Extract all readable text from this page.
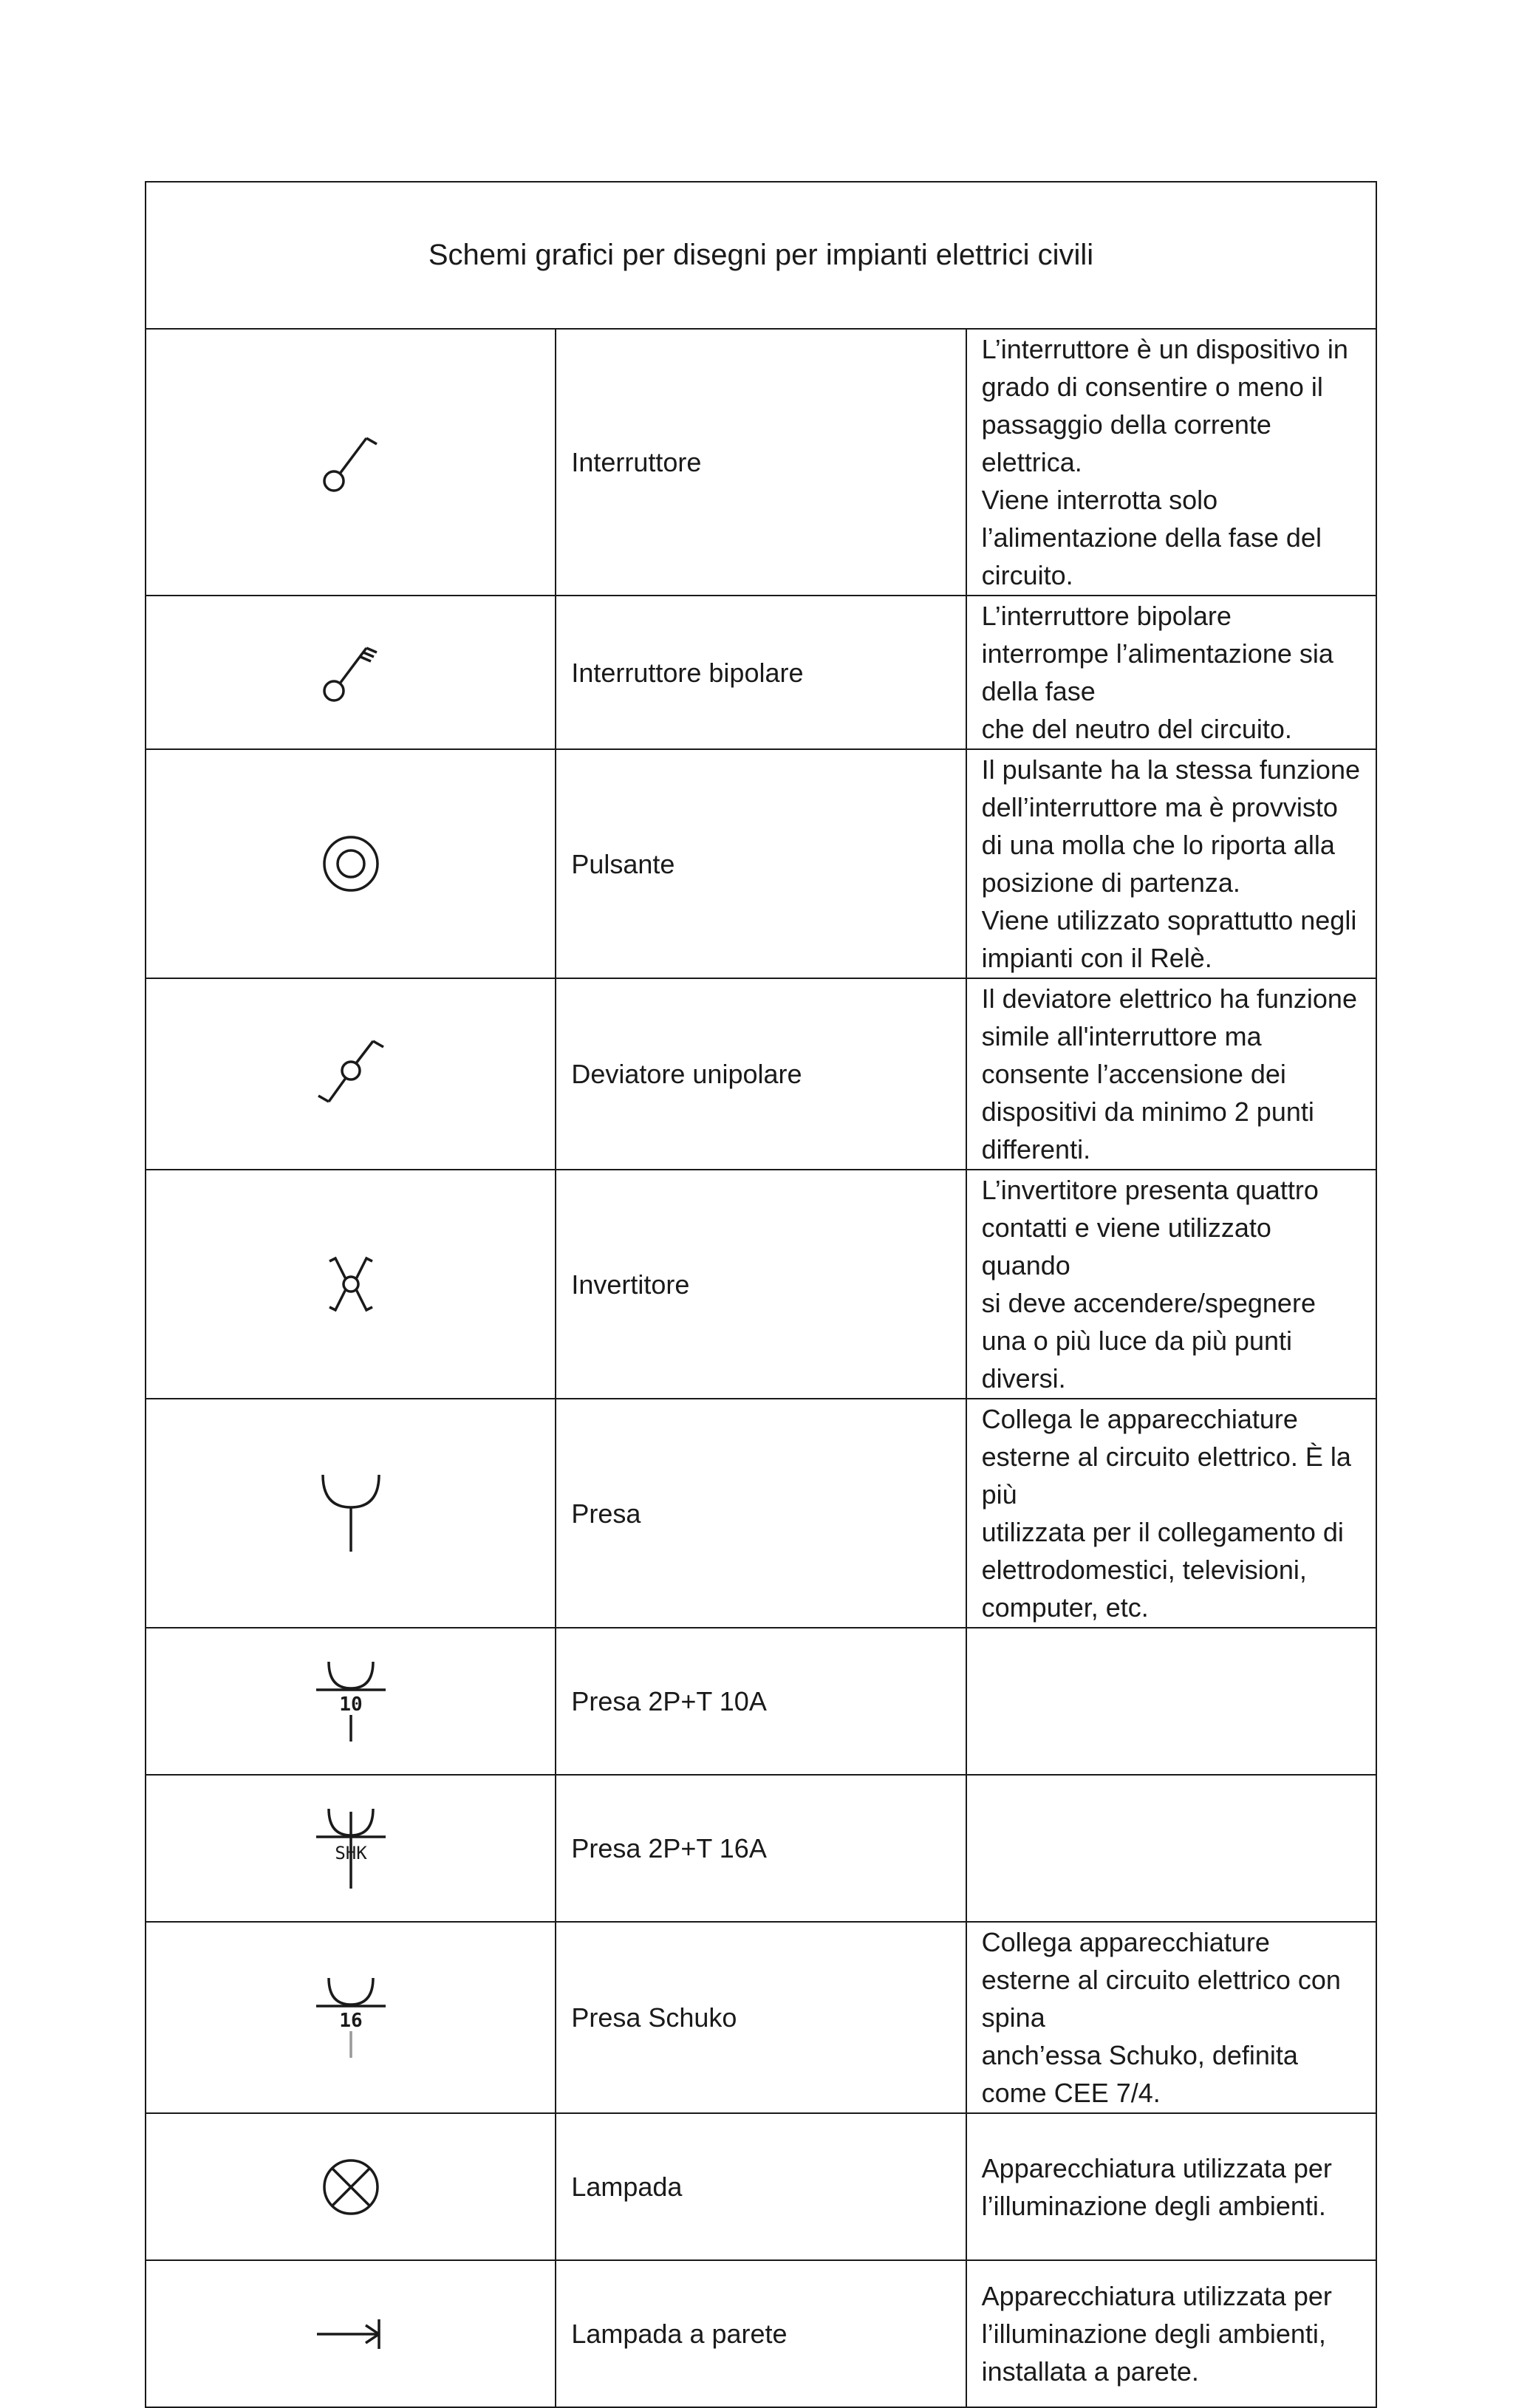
Schemi grafici per disegni per impianti elettrici civili		

	Interruttore	L’interruttore è un dispositivo in grado di consentire o meno il
passaggio della corrente elettrica.
Viene interrotta solo l’alimentazione della fase del circuito.

	Interruttore bipolare	L’interruttore bipolare interrompe l’alimentazione sia della fase
che del neutro del circuito.

	Pulsante	Il pulsante ha la stessa funzione dell’interruttore ma è provvisto
di una molla che lo riporta alla posizione di partenza.
Viene utilizzato soprattutto negli impianti con il Relè.

	Deviatore unipolare	Il deviatore elettrico ha funzione simile all'interruttore ma
consente l’accensione dei dispositivi da minimo 2 punti
differenti.

	Invertitore	L’invertitore presenta quattro contatti e viene utilizzato quando
si deve accendere/spegnere una o più luce da più punti diversi.

	Presa	Collega le apparecchiature esterne al circuito elettrico. È la più
utilizzata per il collegamento di elettrodomestici, televisioni,
computer, etc.

10	Presa 2P+T 10A	

SHK	Presa 2P+T 16A	

16	Presa Schuko	Collega apparecchiature esterne al circuito elettrico con spina
anch’essa Schuko, definita come CEE 7/4.

	Lampada	Apparecchiatura utilizzata per l’illuminazione degli ambienti.

	Lampada a parete	Apparecchiatura utilizzata per l’illuminazione degli ambienti,
installata a parete.
